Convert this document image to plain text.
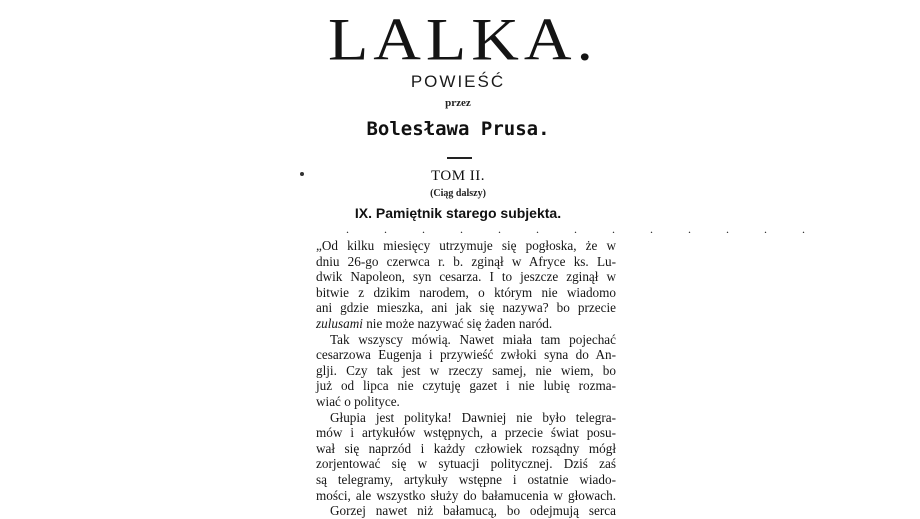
LALKA.
POWIEŚĆ
przez
Bolesława Prusa.
TOM II.
(Ciąg dalszy)
IX. Pamiętnik starego subjekta.
. . . . . . . . . . . . .
„Od kilku miesięcy utrzymuje się pogłoska, że w
dniu 26-go czerwca r. b. zginął w Afryce ks. Lu-
dwik Napoleon, syn cesarza. I to jeszcze zginął w
bitwie z dzikim narodem, o którym nie wiadomo
ani gdzie mieszka, ani jak się nazywa? bo przecie
zulusami nie może nazywać się żaden naród.
Tak wszyscy mówią. Nawet miała tam pojechać
cesarzowa Eugenja i przywieść zwłoki syna do An-
glji. Czy tak jest w rzeczy samej, nie wiem, bo
już od lipca nie czytuję gazet i nie lubię rozma-
wiać o polityce.
Głupia jest polityka! Dawniej nie było telegra-
mów i artykułów wstępnych, a przecie świat posu-
wał się naprzód i każdy człowiek rozsądny mógł
zorjentować się w sytuacji politycznej. Dziś zaś
są telegramy, artykuły wstępne i ostatnie wiado-
mości, ale wszystko służy do bałamucenia w głowach.
Gorzej nawet niż bałamucą, bo odejmują serca
